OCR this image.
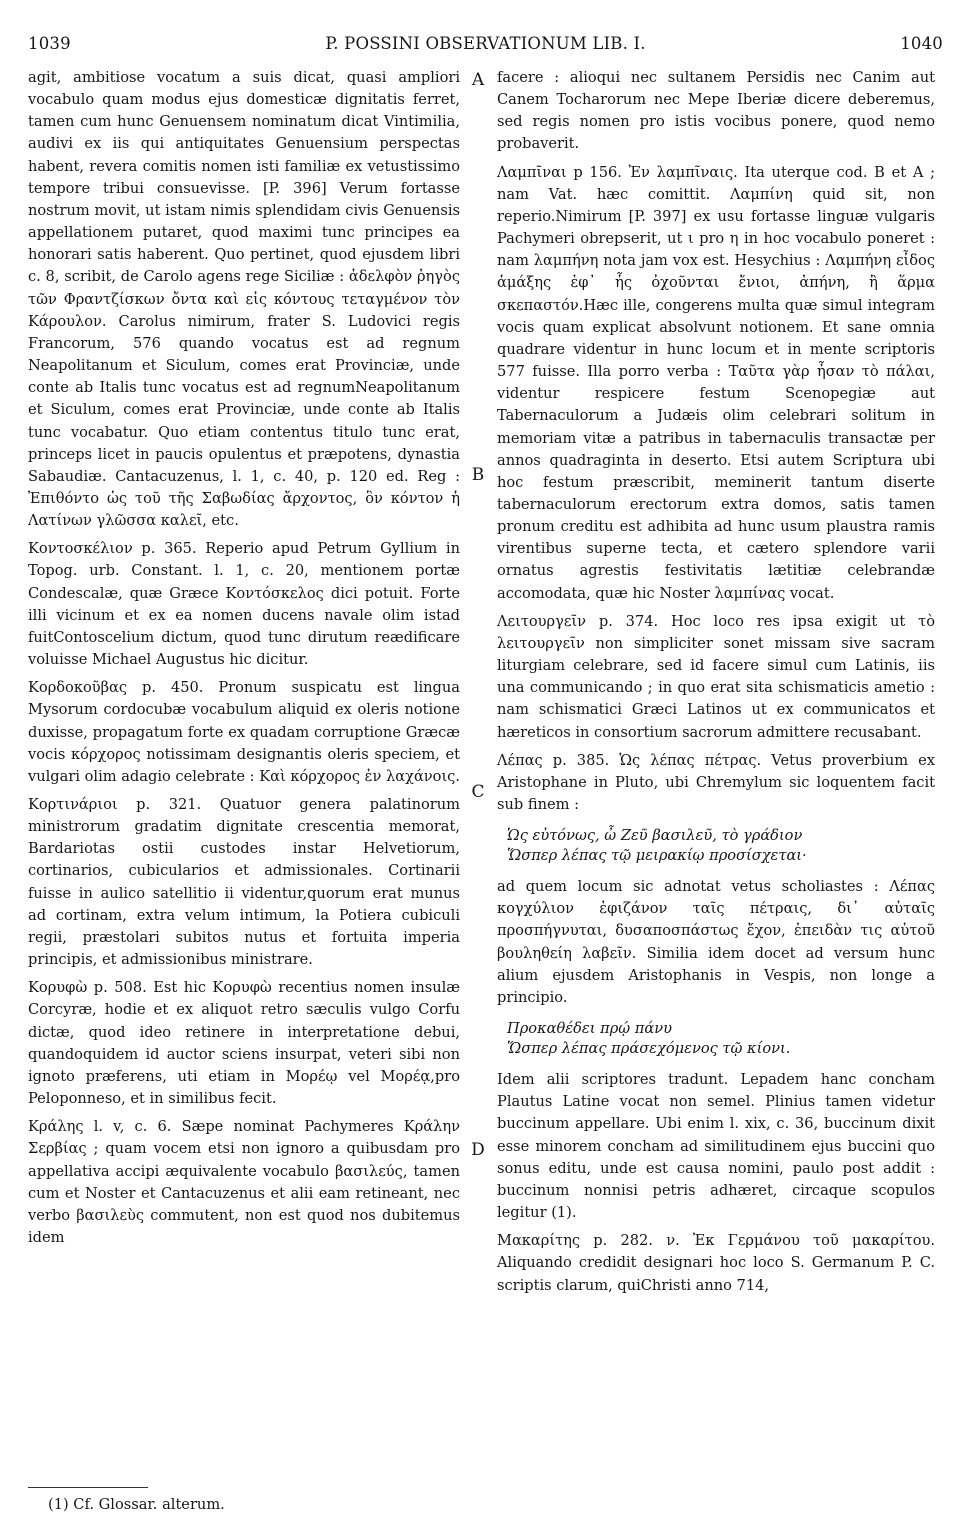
1039	P. POSSINI OBSERVATIONUM LIB. I.	1040
A
B
C
D

agit, ambitiose vocatum a suis dicat, quasi ampliori vocabulo quam modus ejus domesticæ dignitatis ferret, tamen cum hunc Genuensem nominatum dicat Vintimilia, audivi ex iis qui antiquitates Genuensium perspectas habent, revera comitis nomen isti familiæ ex vetustissimo tempore tribui consuevisse. [P. 396] Verum fortasse nostrum movit, ut istam nimis splendidam civis Genuensis appellationem putaret, quod maximi tunc principes ea honorari satis haberent. Quo pertinet, quod ejusdem libri c. 8, scribit, de Carolo agens rege Siciliæ : ἀδελφὸν ῥηγὸς τῶν Φραντζίσκων ὄντα καὶ εἰς κόντους τεταγμένον τὸν Κάρουλον. Carolus nimirum, frater S. Ludovici regis Francorum, 576 quando vocatus est ad regnum Neapolitanum et Siculum, comes erat Provinciæ, unde conte ab Italis tunc vocatus est ad regnumNeapolitanum et Siculum, comes erat Provinciæ, unde conte ab Italis tunc vocabatur. Quo etiam contentus titulo tunc erat, princeps licet in paucis opulentus et præpotens, dynastia Sabaudiæ. Cantacuzenus, l. 1, c. 40, p. 120 ed. Reg : Ἐπιθόντο ὡς τοῦ τῆς Σαβωδίας ἄρχοντος, ὃν κόντον ἡ Λατίνων γλῶσσα καλεῖ, etc.

Κοντοσκέλιον p. 365. Reperio apud Petrum Gyllium in Topog. urb. Constant. l. 1, c. 20, mentionem portæ Condescalæ, quæ Græce Κοντόσκελος dici potuit. Forte illi vicinum et ex ea nomen ducens navale olim istad fuitContoscelium dictum, quod tunc dirutum reædificare voluisse Michael Augustus hic dicitur.

Κορδοκοῦβας p. 450. Pronum suspicatu est linguа Mysorum cordocubæ vocabulum aliquid ex oleris notione duxisse, propagatum forte ex quadam corruptione Græcæ vocis κόρχορος notissimam designantis oleris speciem, et vulgari olim adagio celebrate : Καὶ κόρχορος ἐν λαχάνοις.

Κορτινάριοι p. 321. Quatuor genera palatinorum ministrorum gradatim dignitate crescentia memorat, Bardariotas ostii custodes instar Helvetiorum, cortinarios, cubicularios et admissionales. Cortinarii fuisse in aulico satellitio ii videntur,quorum erat munus ad cortinam, extra velum intimum, la Potiera cubiculi regii, præstolari subitos nutus et fortuita imperia principis, et admissionibus ministrare.

Κορυφὼ p. 508. Est hic Κορυφὼ recentius nomen insulæ Corcyræ, hodie et ex aliquot retro sæculis vulgo Corfu dictæ, quod ideo retinere in interpretatione debui, quandoquidem id auctor sciens insurpat, veteri sibi non ignoto præferens, uti etiam in Μορέῳ vel Μορέᾳ,pro Peloponneso, et in similibus fecit.

Κράλης l. v, c. 6. Sæpe nominat Pachymeres Κράλην Σερβίας ; quam vocem etsi non ignoro a quibusdam pro appellativa accipi æquivalente vocabulo βασιλεύς, tamen cum et Noster et Cantacuzenus et alii eam retineant, nec verbo βασιλεὺς commutent, non est quod nos dubitemus idem

facere : alioqui nec sultanem Persidis nec Canim aut Canem Tocharorum nec Mepe Iberiæ dicere deberemus, sed regis nomen pro istis vocibus ponere, quod nemo probaverit.

Λαμπῖναι p 156. Ἐν λαμπῖναις. Ita uterque cod. B et A ; nam Vat. hæc comittit. Λαμπίνη quid sit, non reperio.Nimirum [P. 397] ex usu fortasse linguæ vulgaris Pachymeri obrepserit, ut ι pro η in hoc vocabulo poneret : nam λαμπήνη nota jam vox est. Hesychius : Λαμπήνη εἶδος ἁμάξης ἐφ᾿ ἧς ὀχοῦνται ἔνιοι, ἀπήνη, ἢ ἅρμα σκεπαστόν.Hæc ille, congerens multa quæ simul integram vocis quam explicat absolvunt notionem. Et sane omnia quadrare videntur in hunc locum et in mente scriptoris 577 fuisse. Illa porro verba : Ταῦτα γὰρ ἦσαν τὸ πάλαι, videntur respicere festum Scenopegiæ aut Tabernaculorum a Judæis olim celebrari solitum in memoriam vitæ a patribus in tabernaculis transactæ per annos quadraginta in deserto. Etsi autem Scriptura ubi hoc festum præscribit, meminerit tantum diserte tabernaculorum erectorum extra domos, satis tamen pronum creditu est adhibita ad hunc usum plaustra ramis virentibus superne tecta, et cætero splendore varii ornatus agrestis festivitatis lætitiæ celebrandæ accomodata, quæ hic Noster λαμπίνας vocat.

Λειτουργεῖν p. 374. Hoc loco res ipsa exigit ut τὸ λειτουργεῖν non simpliciter sonet missam sive sacram liturgiam celebrare, sed id facere simul cum Latinis, iis una communicando ; in quo erat sita schismaticis ametio : nam schismatici Græci Latinos ut ex communicatos et hæreticos in consortium sacrorum admittere recusabant.

Λέπας p. 385. Ὡς λέπας πέτρας. Vetus proverbium ex Aristophane in Pluto, ubi Chremylum sic loquentem facit sub finem :

Ὡς εὐτόνως, ὦ Ζεῦ βασιλεῦ, τὸ γράδιον
Ὥσπερ λέπας τῷ μειρακίῳ προσίσχεται·

ad quem locum sic adnotat vetus scholiastes : Λέπας κογχύλιον ἐφιζάνον ταῖς πέτραις, δι᾿ αὐταῖς προσπήγνυται, δυσαποσπάστως ἔχον, ἐπειδὰν τις αὐτοῦ βουληθείη λαβεῖν. Similia idem docet ad versum hunc alium ejusdem Aristophanis in Vespis, non longe a principio.

Προκαθέδει πρῴ πάνυ
Ὥσπερ λέπας πράσεχόμενος τῷ κίονι.

Idem alii scriptores tradunt. Lepadem hanc concham Plautus Latine vocat non semel. Plinius tamen videtur buccinum appellare. Ubi enim l. xix, c. 36, buccinum dixit esse minorem concham ad similitudinem ejus buccini quo sonus editu, unde est causa nomini, paulo post addit : buccinum nonnisi petris adhæret, circaque scopulos legitur (1).

Μακαρίτης p. 282. ν. Ἐκ Γερμάνου τοῦ μακαρίτου. Aliquando credidit designari hoc loco S. Germanum P. C. scriptis clarum, quiChristi anno 714,

(1) Cf. Glossar. alterum.
